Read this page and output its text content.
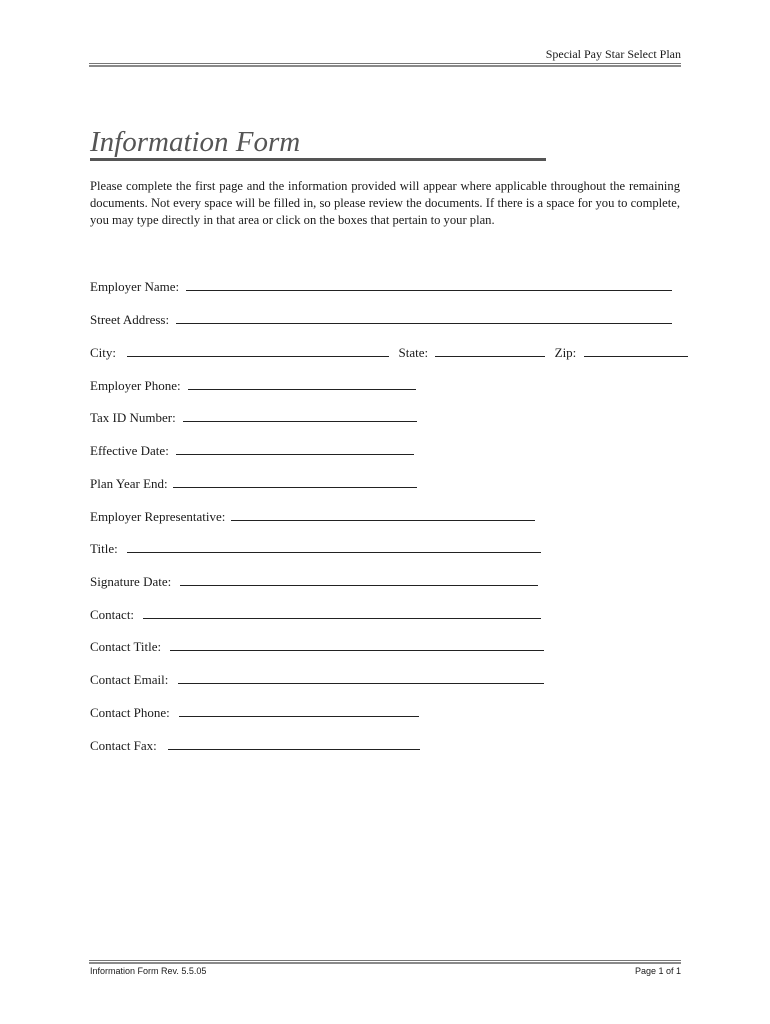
Special Pay Star Select Plan
Information Form
Please complete the first page and the information provided will appear where applicable throughout the remaining documents. Not every space will be filled in, so please review the documents. If there is a space for you to complete, you may type directly in that area or click on the boxes that pertain to your plan.
Employer Name:
Street Address:
City:	State:	Zip:
Employer Phone:
Tax ID Number:
Effective Date:
Plan Year End:
Employer Representative:
Title:
Signature Date:
Contact:
Contact Title:
Contact Email:
Contact Phone:
Contact Fax:
Information Form Rev. 5.5.05	Page 1 of 1
